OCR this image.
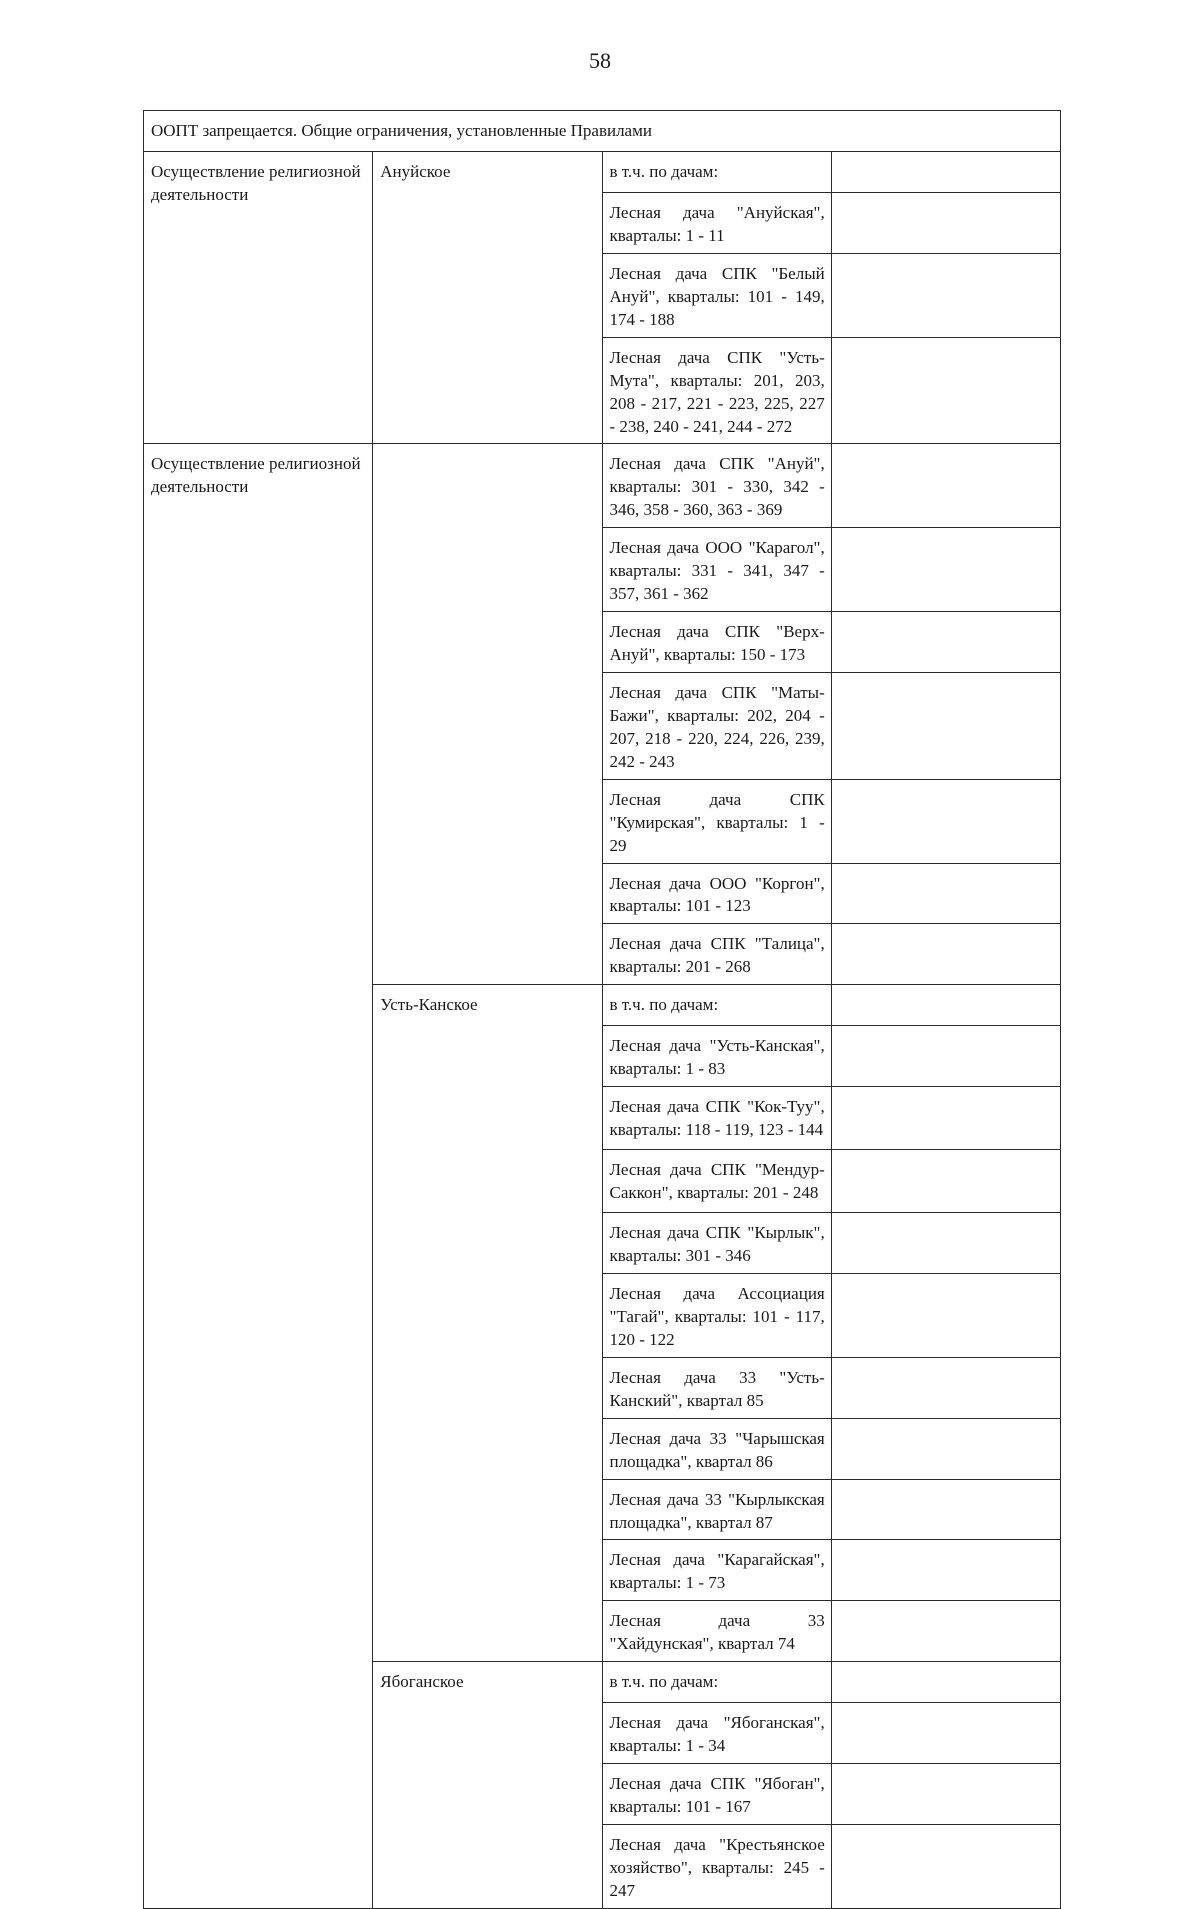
58
ООПТ запрещается. Общие ограничения, установленные Правилами			
Осуществление религиозной деятельности	Ануйское	в т.ч. по дачам:	
		Лесная дача "Ануйская", кварталы: 1 - 11	
		Лесная дача СПК "Белый Ануй", кварталы: 101 - 149, 174 - 188	
		Лесная дача СПК "Усть-Мута", кварталы: 201, 203, 208 - 217, 221 - 223, 225, 227 - 238, 240 - 241, 244 - 272	
Осуществление религиозной деятельности		Лесная дача СПК "Ануй", кварталы: 301 - 330, 342 - 346, 358 - 360, 363 - 369	
		Лесная дача ООО "Карагол", кварталы: 331 - 341, 347 - 357, 361 - 362	
		Лесная дача СПК "Верх-Ануй", кварталы: 150 - 173	
		Лесная дача СПК "Маты-Бажи", кварталы: 202, 204 - 207, 218 - 220, 224, 226, 239, 242 - 243	
		Лесная дача СПК "Кумирская", кварталы: 1 - 29	
		Лесная дача ООО "Коргон", кварталы: 101 - 123	
		Лесная дача СПК "Талица", кварталы: 201 - 268	
	Усть-Канское	в т.ч. по дачам:	
		Лесная дача "Усть-Канская", кварталы: 1 - 83	
		Лесная дача СПК "Кок-Туу", кварталы: 118 - 119, 123 - 144	
		Лесная дача СПК "Мендур-Саккон", кварталы: 201 - 248	
		Лесная дача СПК "Кырлык", кварталы: 301 - 346	
		Лесная дача Ассоциация "Тагай", кварталы: 101 - 117, 120 - 122	
		Лесная дача 33 "Усть-Канский", квартал 85	
		Лесная дача 33 "Чарышская площадка", квартал 86	
		Лесная дача 33 "Кырлыкская площадка", квартал 87	
		Лесная дача "Карагайская", кварталы: 1 - 73	
		Лесная дача 33 "Хайдунская", квартал 74	
	Ябоганское	в т.ч. по дачам:	
		Лесная дача "Ябоганская", кварталы: 1 - 34	
		Лесная дача СПК "Ябоган", кварталы: 101 - 167	
		Лесная дача "Крестьянское хозяйство", кварталы: 245 - 247	
